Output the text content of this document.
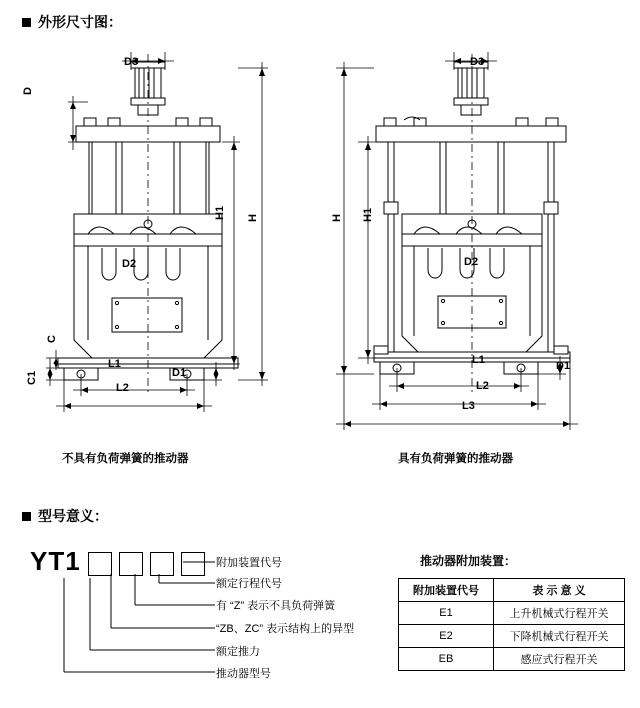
外形尺寸图：
D3
D
H1 H
D2
C
C1
L1
L2
D1
不具有负荷弹簧的推动器
D3
H1
H
D2
L1
L2
L3
D1
具有负荷弹簧的推动器
型号意义：
YT1	附加装置代号
额定行程代号
有 “Z” 表示不具负荷弹簧
“ZB、ZC” 表示结构上的异型
额定推力
推动器型号
推动器附加装置：
附加装置代号	表 示 意 义
E1	上升机械式行程开关
E2	下降机械式行程开关
EB	感应式行程开关
